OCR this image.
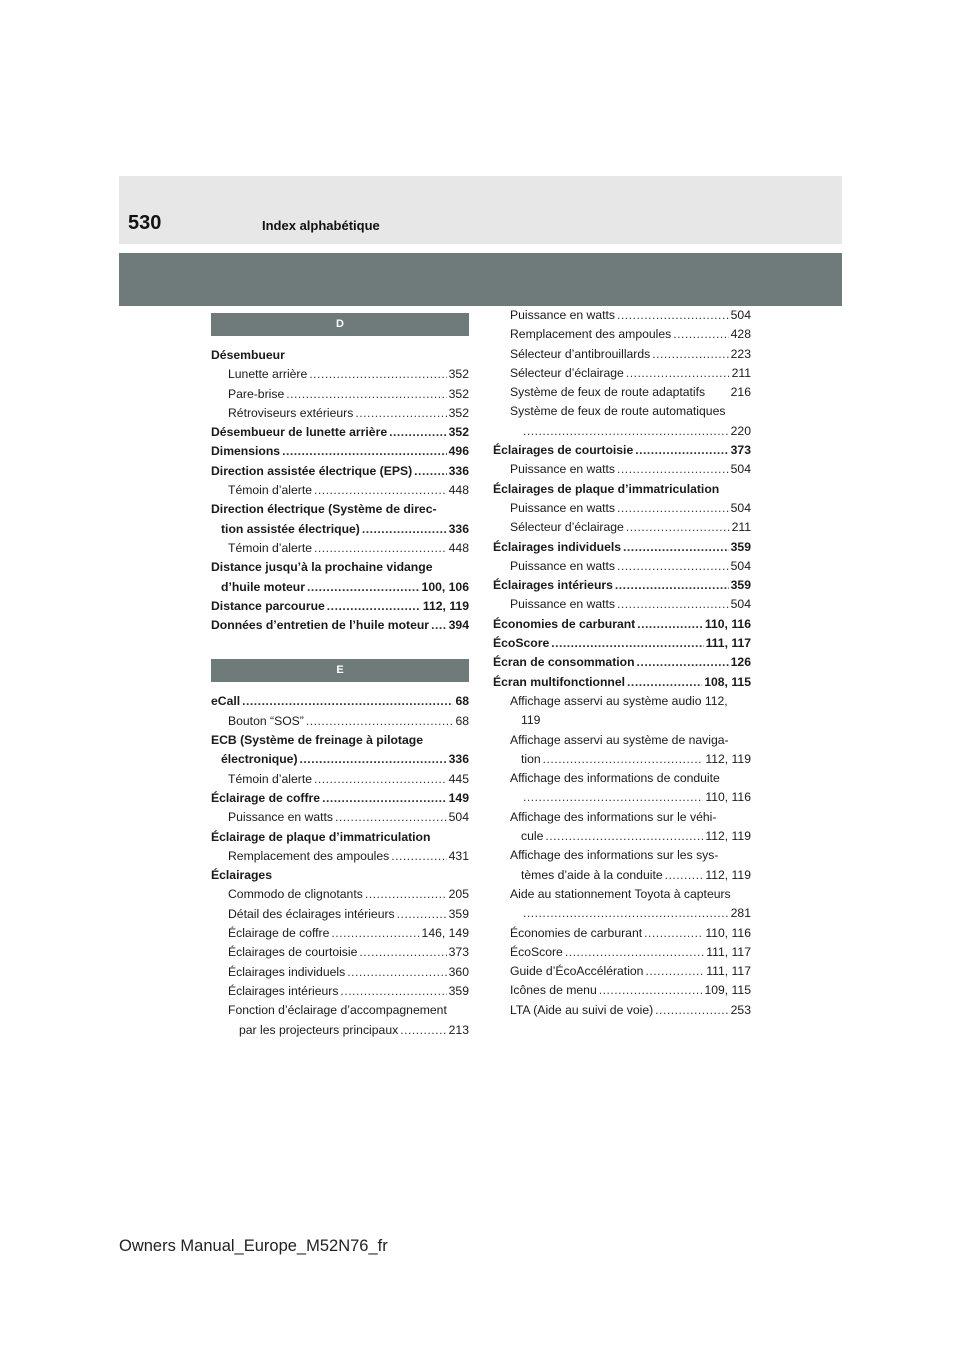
530	Index alphabétique
D
Désembueur
Lunette arrière .....	352
Pare-brise .....	352
Rétroviseurs extérieurs .....	352
Désembueur de lunette arrière .....	352
Dimensions .....	496
Direction assistée électrique (EPS) .....	336
Témoin d’alerte .....	448
Direction électrique (Système de direc-
tion assistée électrique) .....	336
Témoin d’alerte .....	448
Distance jusqu’à la prochaine vidange
d’huile moteur .....	100, 106
Distance parcourue .....	112, 119
Données d’entretien de l’huile moteur ..... 394
E
eCall .....	68
Bouton “SOS” .....	68
ECB (Système de freinage à pilotage
électronique) .....	336
Témoin d’alerte .....	445
Éclairage de coffre .....	149
Puissance en watts .....	504
Éclairage de plaque d’immatriculation
Remplacement des ampoules .....	431
Éclairages
Commodo de clignotants .....	205
Détail des éclairages intérieurs .....	359
Éclairage de coffre .....	146, 149
Éclairages de courtoisie .....	373
Éclairages individuels .....	360
Éclairages intérieurs .....	359
Fonction d’éclairage d’accompagnement
par les projecteurs principaux .....	213
Puissance en watts .....	504
Remplacement des ampoules .....	428
Sélecteur d’antibrouillards .....	223
Sélecteur d’éclairage .....	211
Système de feux de route adaptatifs 216
Système de feux de route automatiques
.....
220
Éclairages de courtoisie .....	373
Puissance en watts .....	504
Éclairages de plaque d’immatriculation
Puissance en watts .....	504
Sélecteur d’éclairage .....	211
Éclairages individuels .....	359
Puissance en watts .....	504
Éclairages intérieurs .....	359
Puissance en watts .....	504
Économies de carburant .....	110, 116
ÉcoScore .....	111, 117
Écran de consommation .....	126
Écran multifonctionnel .....	108, 115
Affichage asservi au système audio 112,
119
Affichage asservi au système de naviga-
tion .....	112, 119
Affichage des informations de conduite
.....
110, 116
Affichage des informations sur le véhi-
cule .....	112, 119
Affichage des informations sur les sys-
tèmes d’aide à la conduite .....	112, 119
Aide au stationnement Toyota à capteurs
.....
281
Économies de carburant .....	110, 116
ÉcoScore .....	111, 117
Guide d’ÉcoAccélération .....	111, 117
Icônes de menu .....	109, 115
LTA (Aide au suivi de voie) .....	253
Owners Manual_Europe_M52N76_fr
